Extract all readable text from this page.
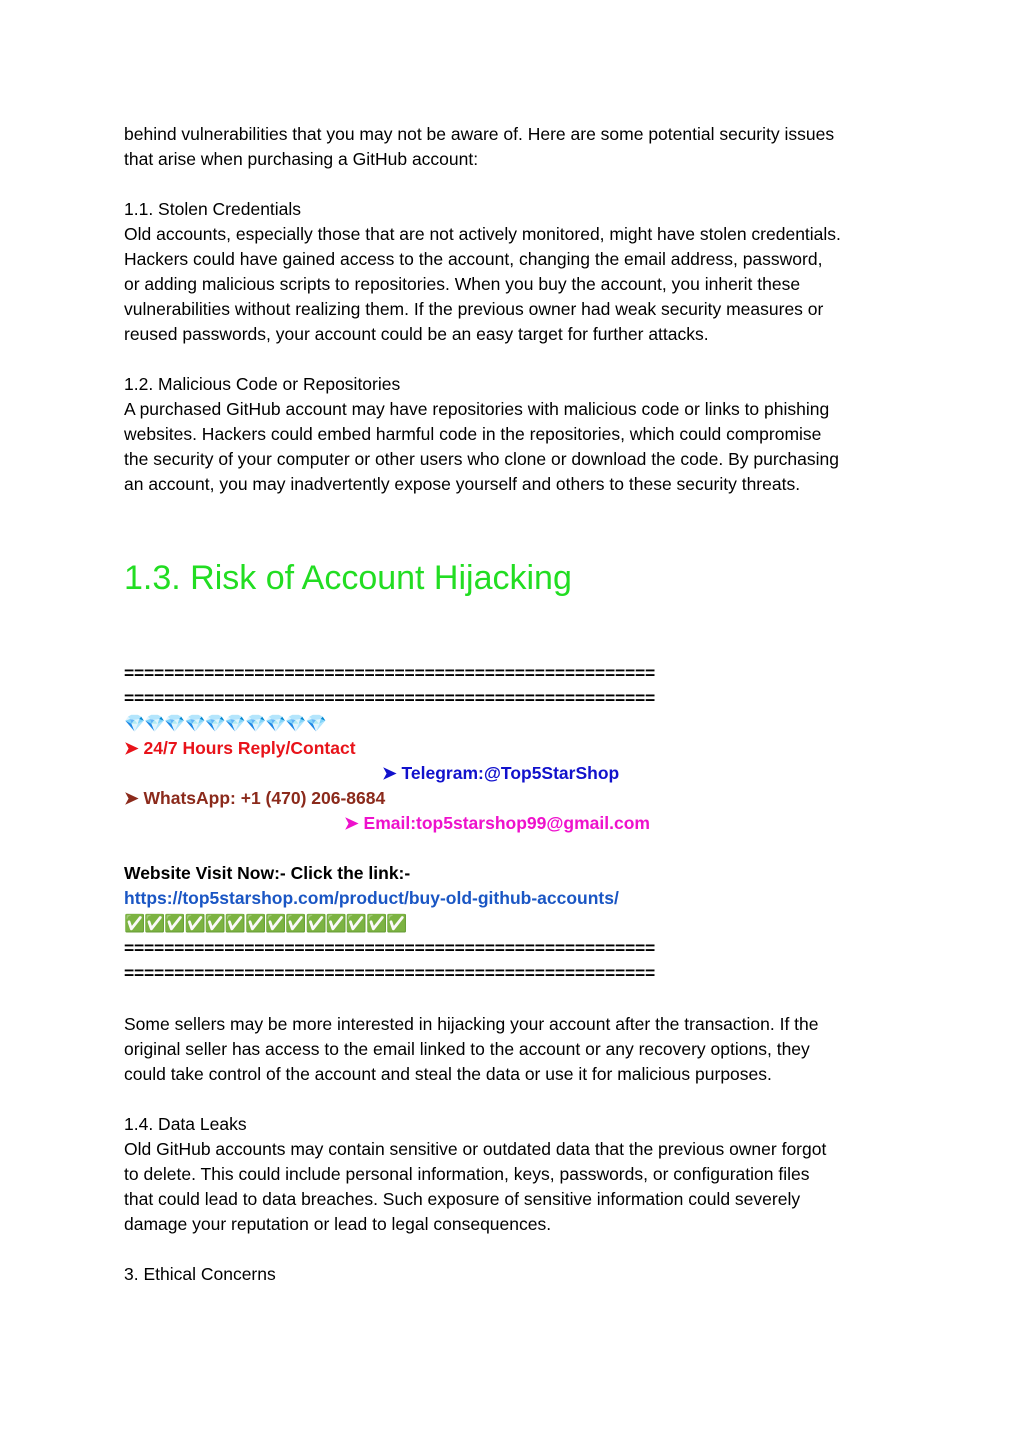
behind vulnerabilities that you may not be aware of. Here are some potential security issues
that arise when purchasing a GitHub account:
1.1. Stolen Credentials
Old accounts, especially those that are not actively monitored, might have stolen credentials.
Hackers could have gained access to the account, changing the email address, password,
or adding malicious scripts to repositories. When you buy the account, you inherit these
vulnerabilities without realizing them. If the previous owner had weak security measures or
reused passwords, your account could be an easy target for further attacks.
1.2. Malicious Code or Repositories
A purchased GitHub account may have repositories with malicious code or links to phishing
websites. Hackers could embed harmful code in the repositories, which could compromise
the security of your computer or other users who clone or download the code. By purchasing
an account, you may inadvertently expose yourself and others to these security threats.
1.3. Risk of Account Hijacking
=====================================================
=====================================================
💎💎💎💎💎💎💎💎💎💎
➤ 24/7 Hours Reply/Contact
➤ Telegram:@Top5StarShop
➤ WhatsApp: +1 (470) 206-8684
➤ Email:top5starshop99@gmail.com
Website Visit Now:- Click the link:-
https://top5starshop.com/product/buy-old-github-accounts/
✅✅✅✅✅✅✅✅✅✅✅✅✅✅
=====================================================
=====================================================
Some sellers may be more interested in hijacking your account after the transaction. If the
original seller has access to the email linked to the account or any recovery options, they
could take control of the account and steal the data or use it for malicious purposes.
1.4. Data Leaks
Old GitHub accounts may contain sensitive or outdated data that the previous owner forgot
to delete. This could include personal information, keys, passwords, or configuration files
that could lead to data breaches. Such exposure of sensitive information could severely
damage your reputation or lead to legal consequences.
3. Ethical Concerns
